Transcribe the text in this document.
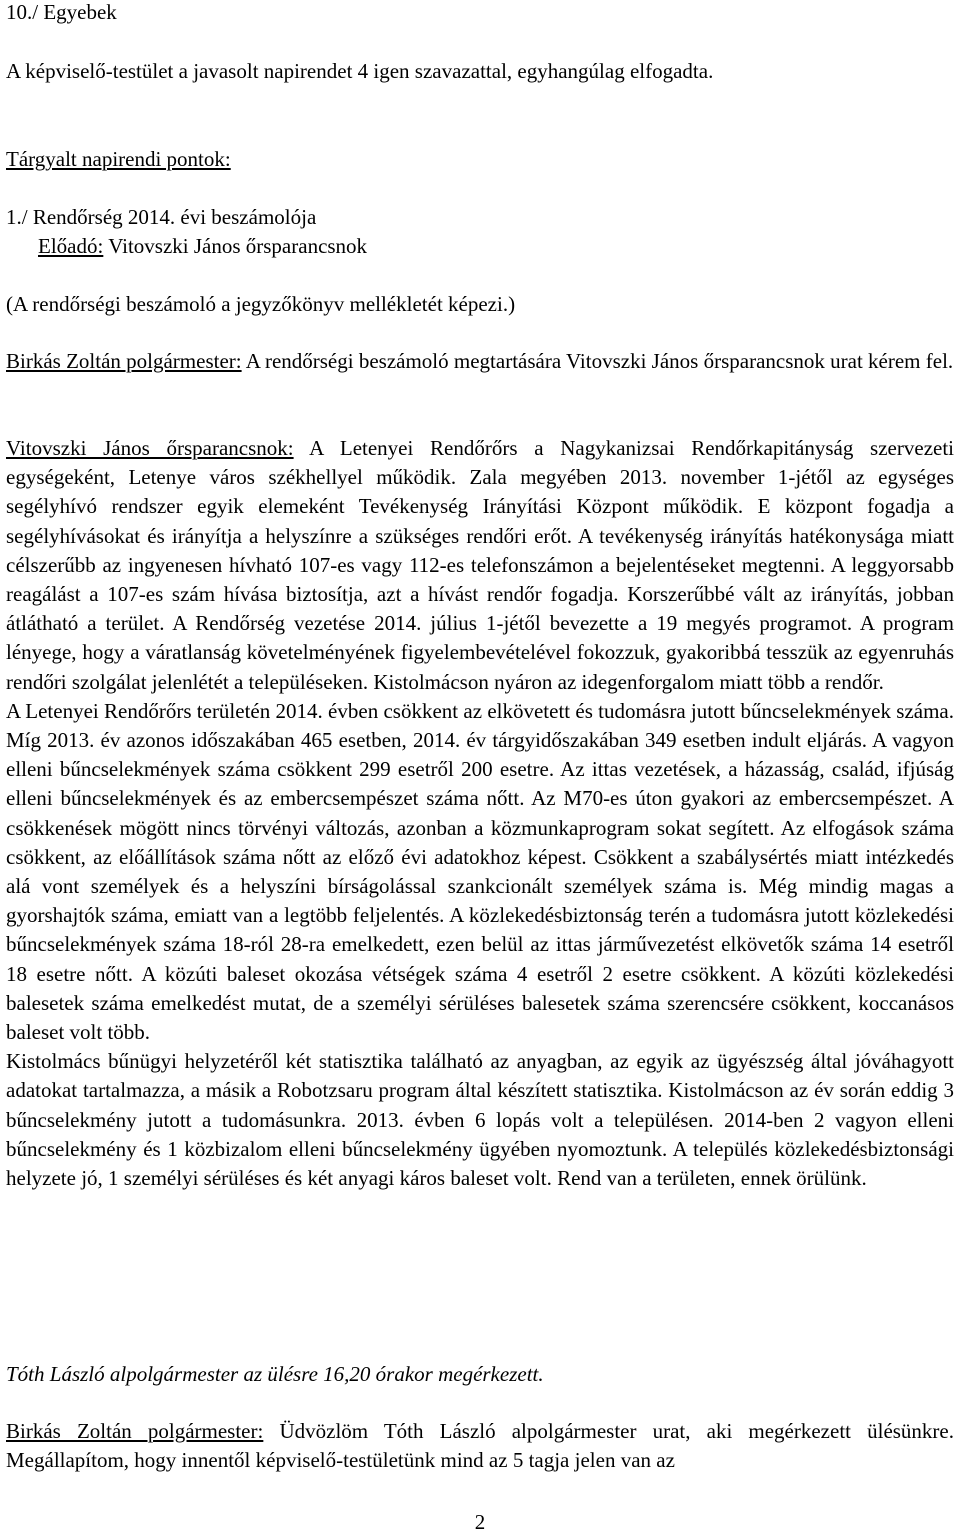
10./ Egyebek
A képviselő-testület a javasolt napirendet 4 igen szavazattal, egyhangúlag elfogadta.
Tárgyalt napirendi pontok:
1./ Rendőrség 2014. évi beszámolója
Előadó: Vitovszki János őrsparancsnok
(A rendőrségi beszámoló a jegyzőkönyv mellékletét képezi.)

Birkás Zoltán polgármester: A rendőrségi beszámoló megtartására Vitovszki János őrsparancsnok urat kérem fel.

Vitovszki János őrsparancsnok: A Letenyei Rendőrőrs a Nagykanizsai Rendőrkapitányság szervezeti egységeként, Letenye város székhellyel működik. Zala megyében 2013. november 1-jétől az egységes segélyhívó rendszer egyik elemeként Tevékenység Irányítási Központ működik. E központ fogadja a segélyhívásokat és irányítja a helyszínre a szükséges rendőri erőt. A tevékenység irányítás hatékonysága miatt célszerűbb az ingyenesen hívható 107-es vagy 112-es telefonszámon a bejelentéseket megtenni. A leggyorsabb reagálást a 107-es szám hívása biztosítja, azt a hívást rendőr fogadja. Korszerűbbé vált az irányítás, jobban átlátható a terület. A Rendőrség vezetése 2014. július 1-jétől bevezette a 19 megyés programot. A program lényege, hogy a váratlanság követelményének figyelembevételével fokozzuk, gyakoribbá tesszük az egyenruhás rendőri szolgálat jelenlétét a településeken. Kistolmácson nyáron az idegenforgalom miatt több a rendőr.

A Letenyei Rendőrőrs területén 2014. évben csökkent az elkövetett és tudomásra jutott bűncselekmények száma. Míg 2013. év azonos időszakában 465 esetben, 2014. év tárgyidőszakában 349 esetben indult eljárás. A vagyon elleni bűncselekmények száma csökkent 299 esetről 200 esetre. Az ittas vezetések, a házasság, család, ifjúság elleni bűncselekmények és az embercsempészet száma nőtt. Az M70-es úton gyakori az embercsempészet. A csökkenések mögött nincs törvényi változás, azonban a közmunkaprogram sokat segített. Az elfogások száma csökkent, az előállítások száma nőtt az előző évi adatokhoz képest. Csökkent a szabálysértés miatt intézkedés alá vont személyek és a helyszíni bírságolással szankcionált személyek száma is. Még mindig magas a gyorshajtók száma, emiatt van a legtöbb feljelentés. A közlekedésbiztonság terén a tudomásra jutott közlekedési bűncselekmények száma 18-ról 28-ra emelkedett, ezen belül az ittas járművezetést elkövetők száma 14 esetről 18 esetre nőtt. A közúti baleset okozása vétségek száma 4 esetről 2 esetre csökkent. A közúti közlekedési balesetek száma emelkedést mutat, de a személyi sérüléses balesetek száma szerencsére csökkent, koccanásos baleset volt több.

Kistolmács bűnügyi helyzetéről két statisztika található az anyagban, az egyik az ügyészség által jóváhagyott adatokat tartalmazza, a másik a Robotzsaru program által készített statisztika. Kistolmácson az év során eddig 3 bűncselekmény jutott a tudomásunkra. 2013. évben 6 lopás volt a településen. 2014-ben 2 vagyon elleni bűncselekmény és 1 közbizalom elleni bűncselekmény ügyében nyomoztunk. A település közlekedésbiztonsági helyzete jó, 1 személyi sérüléses és két anyagi káros baleset volt. Rend van a területen, ennek örülünk.

Tóth László alpolgármester az ülésre 16,20 órakor megérkezett.

Birkás Zoltán polgármester: Üdvözlöm Tóth László alpolgármester urat, aki megérkezett ülésünkre. Megállapítom, hogy innentől képviselő-testületünk mind az 5 tagja jelen van az

2
